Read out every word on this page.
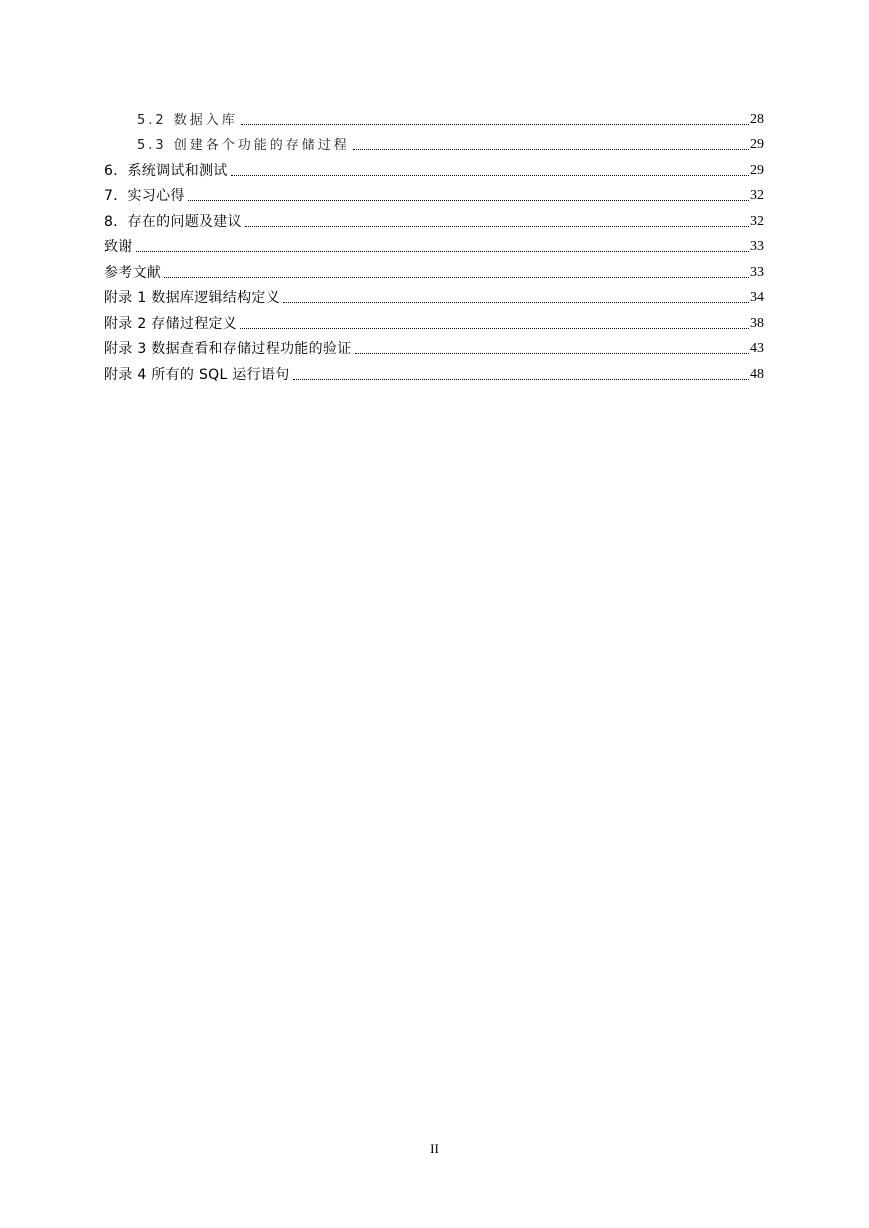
5.2 数据入库	28
5.3 创建各个功能的存储过程	29
6．系统调试和测试	29
7．实习心得	32
8．存在的问题及建议	32
致谢	33
参考文献	33
附录 1 数据库逻辑结构定义	34
附录 2 存储过程定义	38
附录 3 数据查看和存储过程功能的验证	43
附录 4 所有的 SQL 运行语句	48
II
